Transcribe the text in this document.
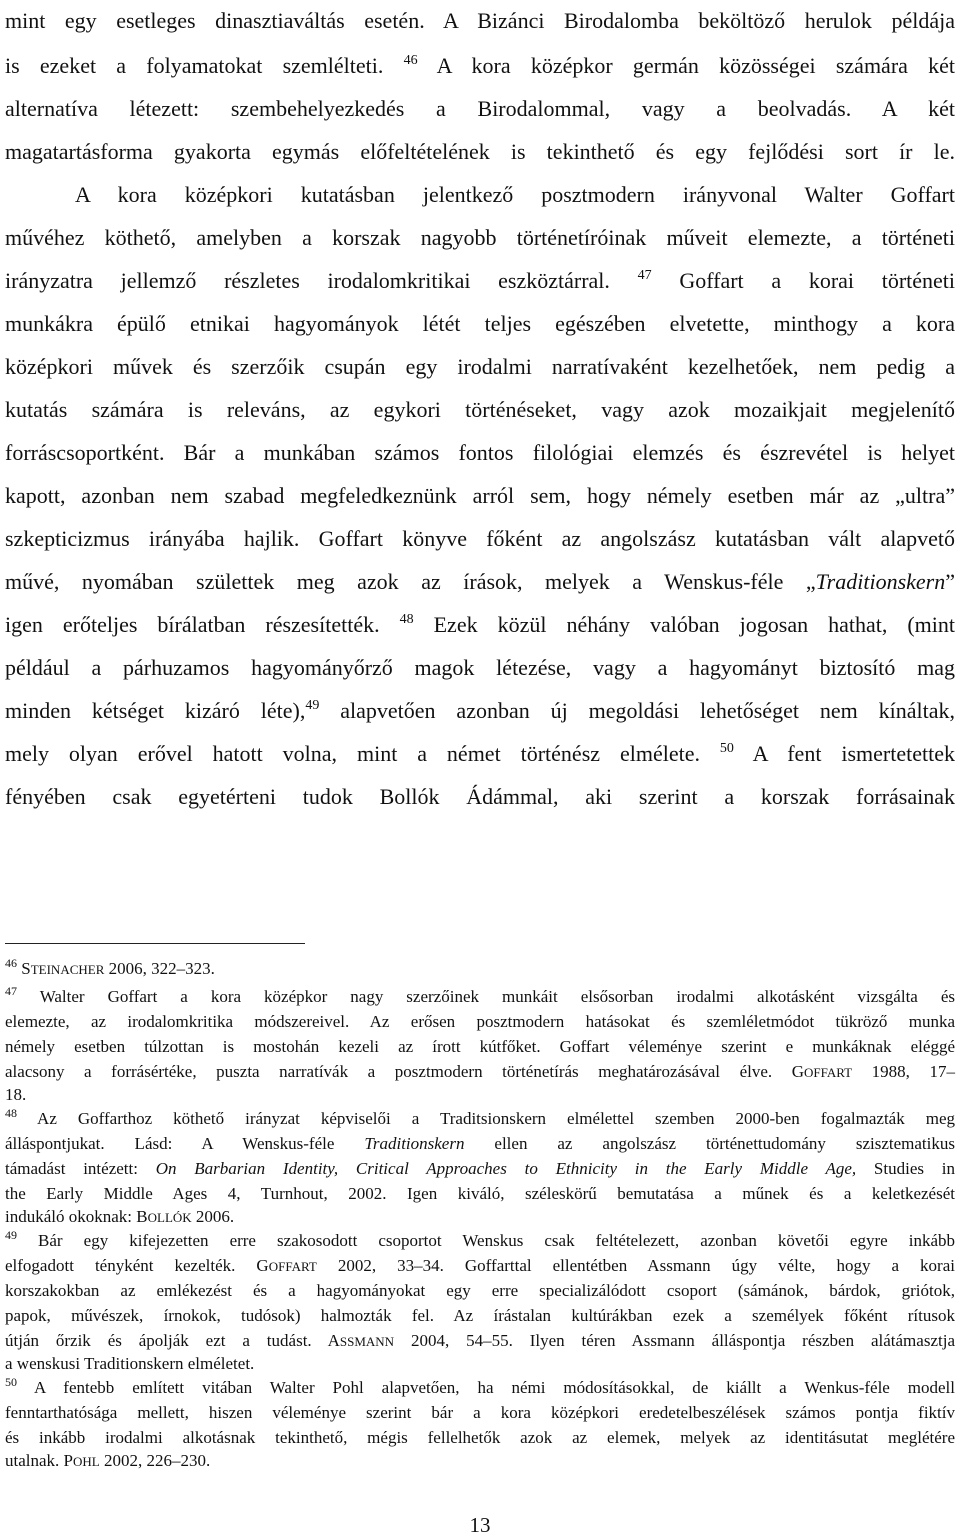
mint egy esetleges dinasztiaváltás esetén. A Bizánci Birodalomba beköltöző herulok példája
is ezeket a folyamatokat szemlélteti. $^{46}$ A kora középkor germán közösségei számára két
alternatíva létezett: szembehelyezkedés a Birodalommal, vagy a beolvadás. A két
magatartásforma gyakorta egymás előfeltételének is tekinthető és egy fejlődési sort ír le.
A kora középkori kutatásban jelentkező posztmodern irányvonal Walter Goffart
művéhez köthető, amelyben a korszak nagyobb történetíróinak műveit elemezte, a történeti
irányzatra jellemző részletes irodalomkritikai eszköztárral. $^{47}$ Goffart a korai történeti
munkákra épülő etnikai hagyományok létét teljes egészében elvetette, minthogy a kora
középkori művek és szerzőik csupán egy irodalmi narratívaként kezelhetőek, nem pedig a
kutatás számára is releváns, az egykori történéseket, vagy azok mozaikjait megjelenítő
forráscsoportként. Bár a munkában számos fontos filológiai elemzés és észrevétel is helyet
kapott, azonban nem szabad megfeledkeznünk arról sem, hogy némely esetben már az „ultra”
szkepticizmus irányába hajlik. Goffart könyve főként az angolszász kutatásban vált alapvető
művé, nyomában születtek meg azok az írások, melyek a Wenskus-féle „Traditionskern”
igen erőteljes bírálatban részesítették. $^{48}$ Ezek közül néhány valóban jogosan hathat, (mint
például a párhuzamos hagyományőrző magok létezése, vagy a hagyományt biztosító mag
minden kétséget kizáró léte),$^{49}$ alapvetően azonban új megoldási lehetőséget nem kínáltak,
mely olyan erővel hatott volna, mint a német történész elmélete. $^{50}$ A fent ismertetettek
fényében csak egyetérteni tudok Bollók Ádámmal, aki szerint a korszak forrásainak
$^{46}$ STEINACHER 2006, 322–323.
$^{47}$ Walter Goffart a kora középkor nagy szerzőinek munkáit elsősorban irodalmi alkotásként vizsgálta és
elemezte, az irodalomkritika módszereivel. Az erősen posztmodern hatásokat és szemléletmódot tükröző munka
némely esetben túlzottan is mostohán kezeli az írott kútfőket. Goffart véleménye szerint e munkáknak eléggé
alacsony a forrásértéke, puszta narratívák a posztmodern történetírás meghatározásával élve. GOFFART 1988, 17–
18.
$^{48}$ Az Goffarthoz köthető irányzat képviselői a Traditsionskern elmélettel szemben 2000-ben fogalmazták meg
álláspontjukat. Lásd: A Wenskus-féle Traditionskern ellen az angolszász történettudomány szisztematikus
támadást intézett: On Barbarian Identity, Critical Approaches to Ethnicity in the Early Middle Age, Studies in
the Early Middle Ages 4, Turnhout, 2002. Igen kiváló, széleskörű bemutatása a műnek és a keletkezését
indukáló okoknak: BOLLÓK 2006.
$^{49}$ Bár egy kifejezetten erre szakosodott csoportot Wenskus csak feltételezett, azonban követői egyre inkább
elfogadott tényként kezelték. GOFFART 2002, 33–34. Goffarttal ellentétben Assmann úgy vélte, hogy a korai
korszakokban az emlékezést és a hagyományokat egy erre specializálódott csoport (sámánok, bárdok, griótok,
papok, művészek, írnokok, tudósok) halmozták fel. Az írástalan kultúrákban ezek a személyek főként rítusok
útján őrzik és ápolják ezt a tudást. ASSMANN 2004, 54–55. Ilyen téren Assmann álláspontja részben alátámasztja
a wenskusi Traditionskern elméletet.
$^{50}$ A fentebb említett vitában Walter Pohl alapvetően, ha némi módosításokkal, de kiállt a Wenkus-féle modell
fenntarthatósága mellett, hiszen véleménye szerint bár a kora középkori eredetelbeszélések számos pontja fiktív
és inkább irodalmi alkotásnak tekinthető, mégis fellelhetők azok az elemek, melyek az identitásutat meglétére
utalnak. POHL 2002, 226–230.
13
